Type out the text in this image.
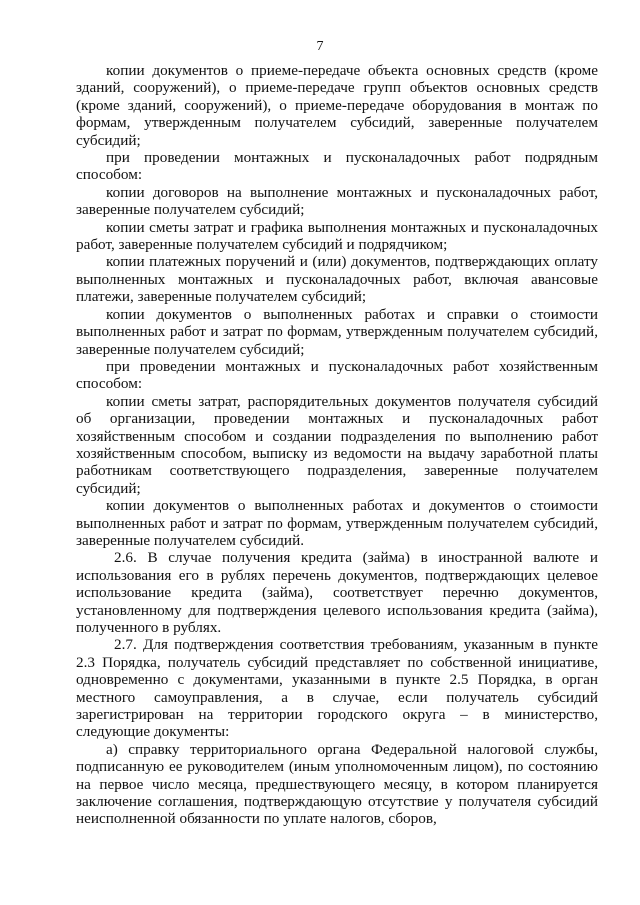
7

копии документов о приеме-передаче объекта основных средств (кроме зданий, сооружений), о приеме-передаче групп объектов основных средств (кроме зданий, сооружений), о приеме-передаче оборудования в монтаж по формам, утвержденным получателем субсидий, заверенные получателем субсидий;

при проведении монтажных и пусконаладочных работ подрядным способом:

копии договоров на выполнение монтажных и пусконаладочных работ, заверенные получателем субсидий;

копии сметы затрат и графика выполнения монтажных и пусконаладочных работ, заверенные получателем субсидий и подрядчиком;

копии платежных поручений и (или) документов, подтверждающих оплату выполненных монтажных и пусконаладочных работ, включая авансовые платежи, заверенные получателем субсидий;

копии документов о выполненных работах и справки о стоимости выполненных работ и затрат по формам, утвержденным получателем субсидий, заверенные получателем субсидий;

при проведении монтажных и пусконаладочных работ хозяйственным способом:

копии сметы затрат, распорядительных документов получателя субсидий об организации, проведении монтажных и пусконаладочных работ хозяйственным способом и создании подразделения по выполнению работ хозяйственным способом, выписку из ведомости на выдачу заработной платы работникам соответствующего подразделения, заверенные получателем субсидий;

копии документов о выполненных работах и документов о стоимости выполненных работ и затрат по формам, утвержденным получателем субсидий, заверенные получателем субсидий.

2.6. В случае получения кредита (займа) в иностранной валюте и использования его в рублях перечень документов, подтверждающих целевое использование кредита (займа), соответствует перечню документов, установленному для подтверждения целевого использования кредита (займа), полученного в рублях.

2.7. Для подтверждения соответствия требованиям, указанным в пункте 2.3 Порядка, получатель субсидий представляет по собственной инициативе, одновременно с документами, указанными в пункте 2.5 Порядка, в орган местного самоуправления, а в случае, если получатель субсидий зарегистрирован на территории городского округа – в министерство, следующие документы:

а) справку территориального органа Федеральной налоговой службы, подписанную ее руководителем (иным уполномоченным лицом), по состоянию на первое число месяца, предшествующего месяцу, в котором планируется заключение соглашения, подтверждающую отсутствие у получателя субсидий неисполненной обязанности по уплате налогов, сборов,
